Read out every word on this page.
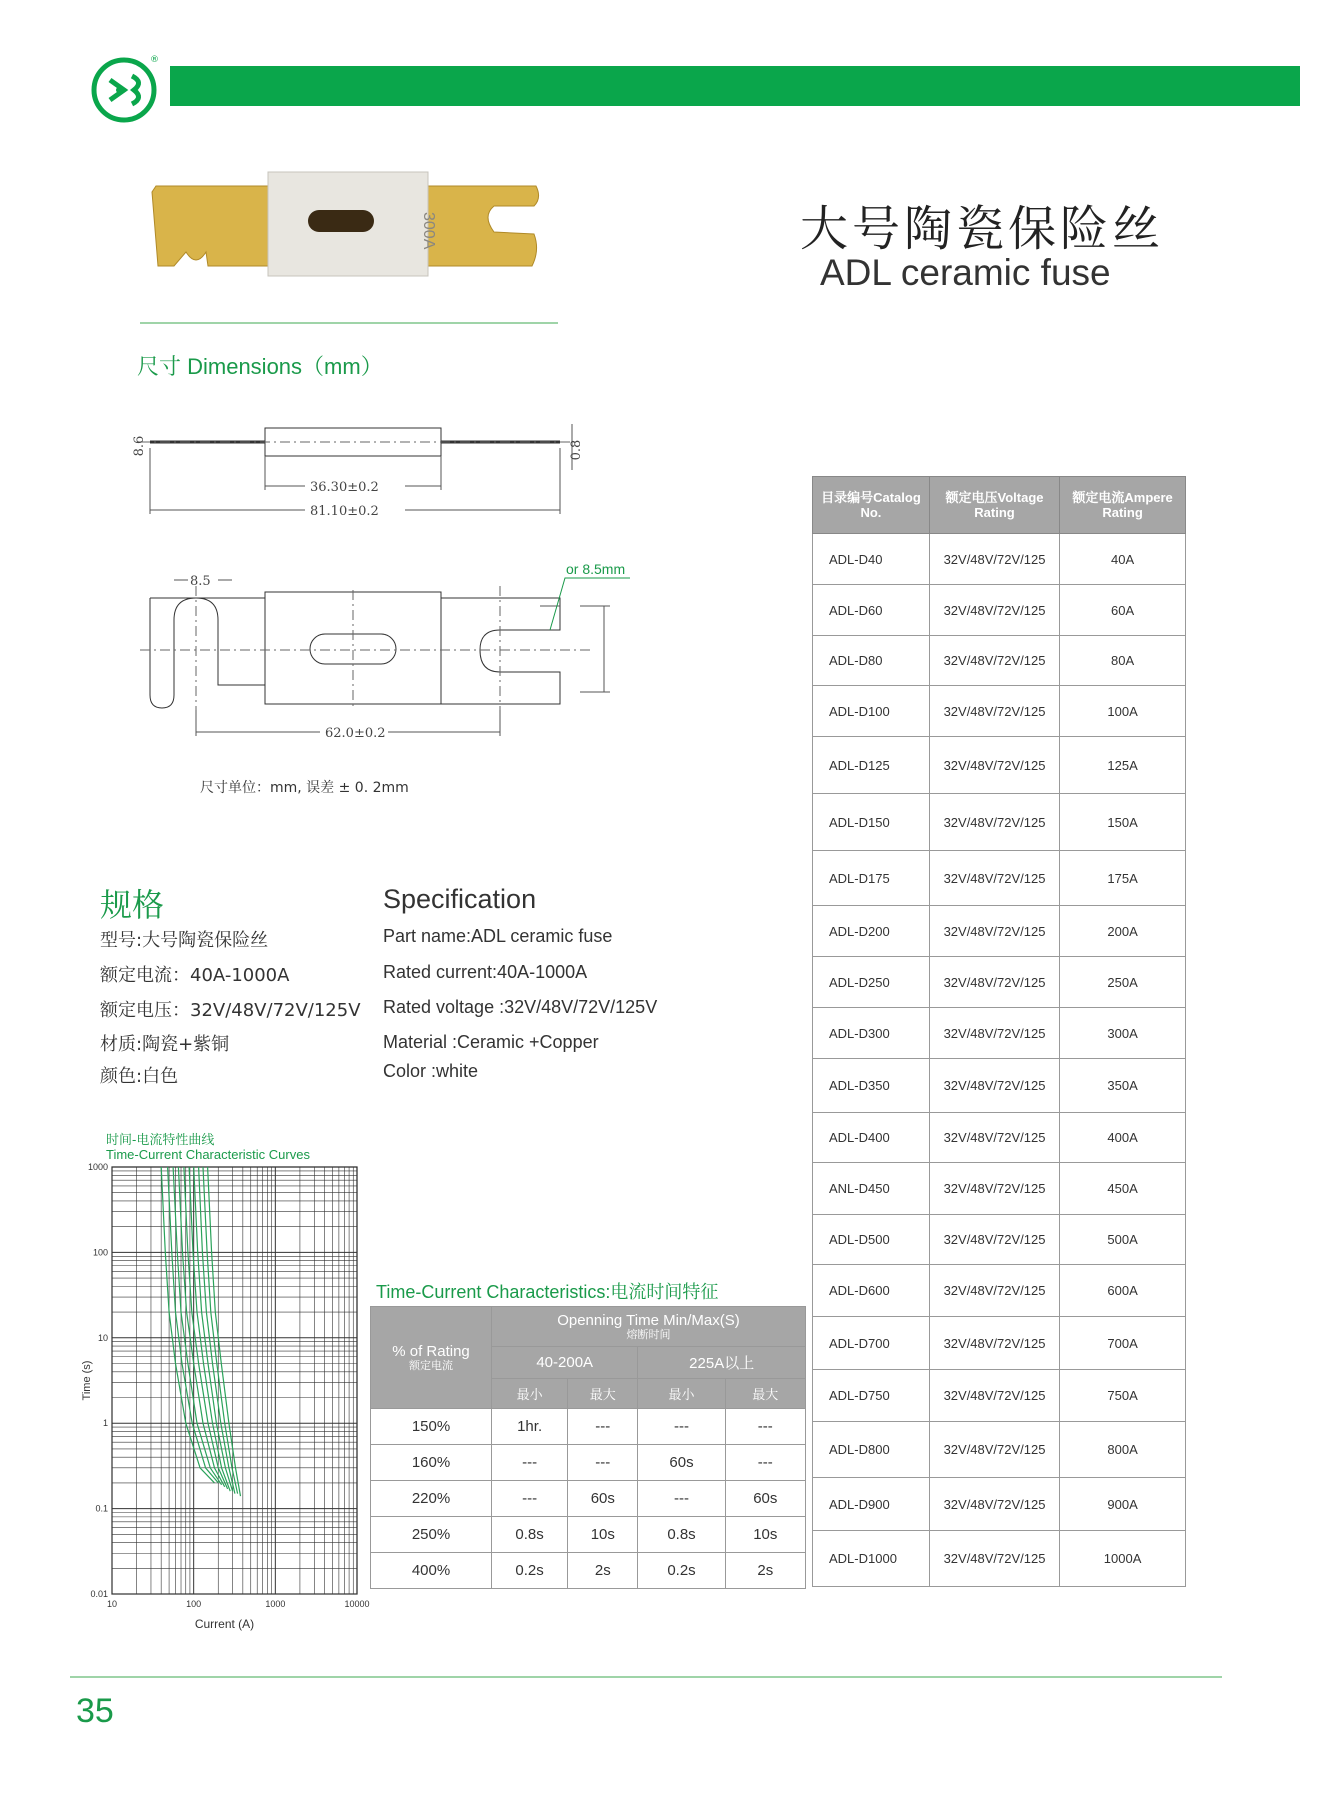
®
300A	大号陶瓷保险丝
ADL ceramic fuse
尺寸 Dimensions（mm）
36.30±0.2
81.10±0.2
8.6	0.8
8.5
62.0±0.2
or 8.5mm
尺寸单位：mm, 误差 ± 0. 2mm
规格	Specification
型号:大号陶瓷保险丝
额定电流：40A-1000A
额定电压：32V/48V/72V/125V
材质:陶瓷+紫铜
颜色:白色
Part name:ADL ceramic fuse
Rated current:40A-1000A
Rated voltage :32V/48V/72V/125V
Material :Ceramic +Copper
Color :white
时间-电流特性曲线
Time-Current Characteristic Curves
1000
100
10
1
0.1
0.01
10	100	1000	10000
Current (A)
Time (s)
Time-Current Characteristics:电流时间特征
% of Rating
额定电流	Openning Time Min/Max(S)
熔断时间			

	40-200A		225A以上	
	最小	最大	最小	最大
150%	1hr.	---	---	---
160%	---	---	60s	---
220%	---	60s	---	60s
250%	0.8s	10s	0.8s	10s
400%	0.2s	2s	0.2s	2s
目录编号Catalog
No.	额定电压Voltage
Rating	额定电流Ampere
Rating
ADL-D40	32V/48V/72V/125	40A
ADL-D60	32V/48V/72V/125	60A
ADL-D80	32V/48V/72V/125	80A
ADL-D100	32V/48V/72V/125	100A
ADL-D125	32V/48V/72V/125	125A
ADL-D150	32V/48V/72V/125	150A
ADL-D175	32V/48V/72V/125	175A
ADL-D200	32V/48V/72V/125	200A
ADL-D250	32V/48V/72V/125	250A
ADL-D300	32V/48V/72V/125	300A
ADL-D350	32V/48V/72V/125	350A
ADL-D400	32V/48V/72V/125	400A
ANL-D450	32V/48V/72V/125	450A
ADL-D500	32V/48V/72V/125	500A
ADL-D600	32V/48V/72V/125	600A
ADL-D700	32V/48V/72V/125	700A
ADL-D750	32V/48V/72V/125	750A
ADL-D800	32V/48V/72V/125	800A
ADL-D900	32V/48V/72V/125	900A
ADL-D1000	32V/48V/72V/125	1000A
35
